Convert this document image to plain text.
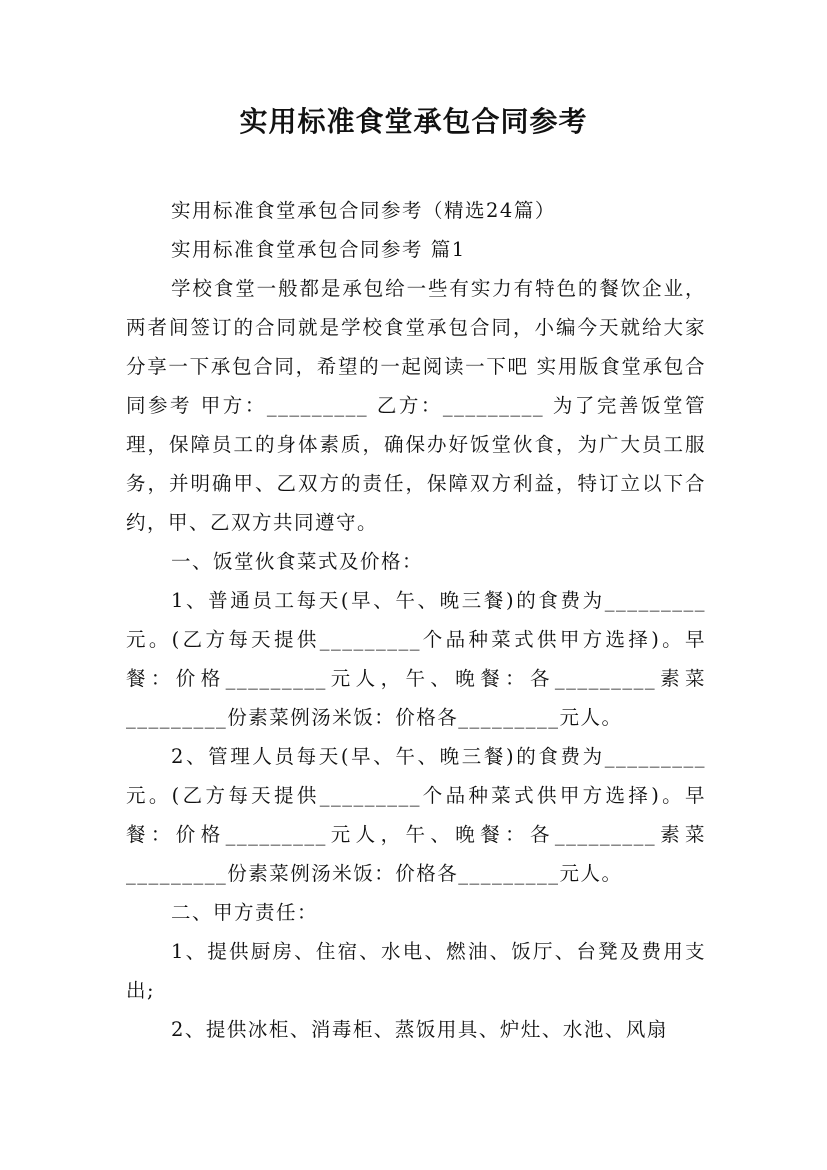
实用标准食堂承包合同参考

实用标准食堂承包合同参考（精选24篇）

实用标准食堂承包合同参考 篇1

学校食堂一般都是承包给一些有实力有特色的餐饮企业，两者间签订的合同就是学校食堂承包合同，小编今天就给大家分享一下承包合同，希望的一起阅读一下吧 实用版食堂承包合同参考 甲方：_________ 乙方：_________ 为了完善饭堂管理，保障员工的身体素质，确保办好饭堂伙食，为广大员工服务，并明确甲、乙双方的责任，保障双方利益，特订立以下合约，甲、乙双方共同遵守。

一、饭堂伙食菜式及价格：

1、普通员工每天(早、午、晚三餐)的食费为_________元。(乙方每天提供_________个品种菜式供甲方选择)。早餐：价格_________元人，午、晚餐：各_________素菜_________份素菜例汤米饭：价格各_________元人。

2、管理人员每天(早、午、晚三餐)的食费为_________元。(乙方每天提供_________个品种菜式供甲方选择)。早餐：价格_________元人，午、晚餐：各_________素菜_________份素菜例汤米饭：价格各_________元人。

二、甲方责任：

1、提供厨房、住宿、水电、燃油、饭厅、台凳及费用支出;

2、提供冰柜、消毒柜、蒸饭用具、炉灶、水池、风扇
